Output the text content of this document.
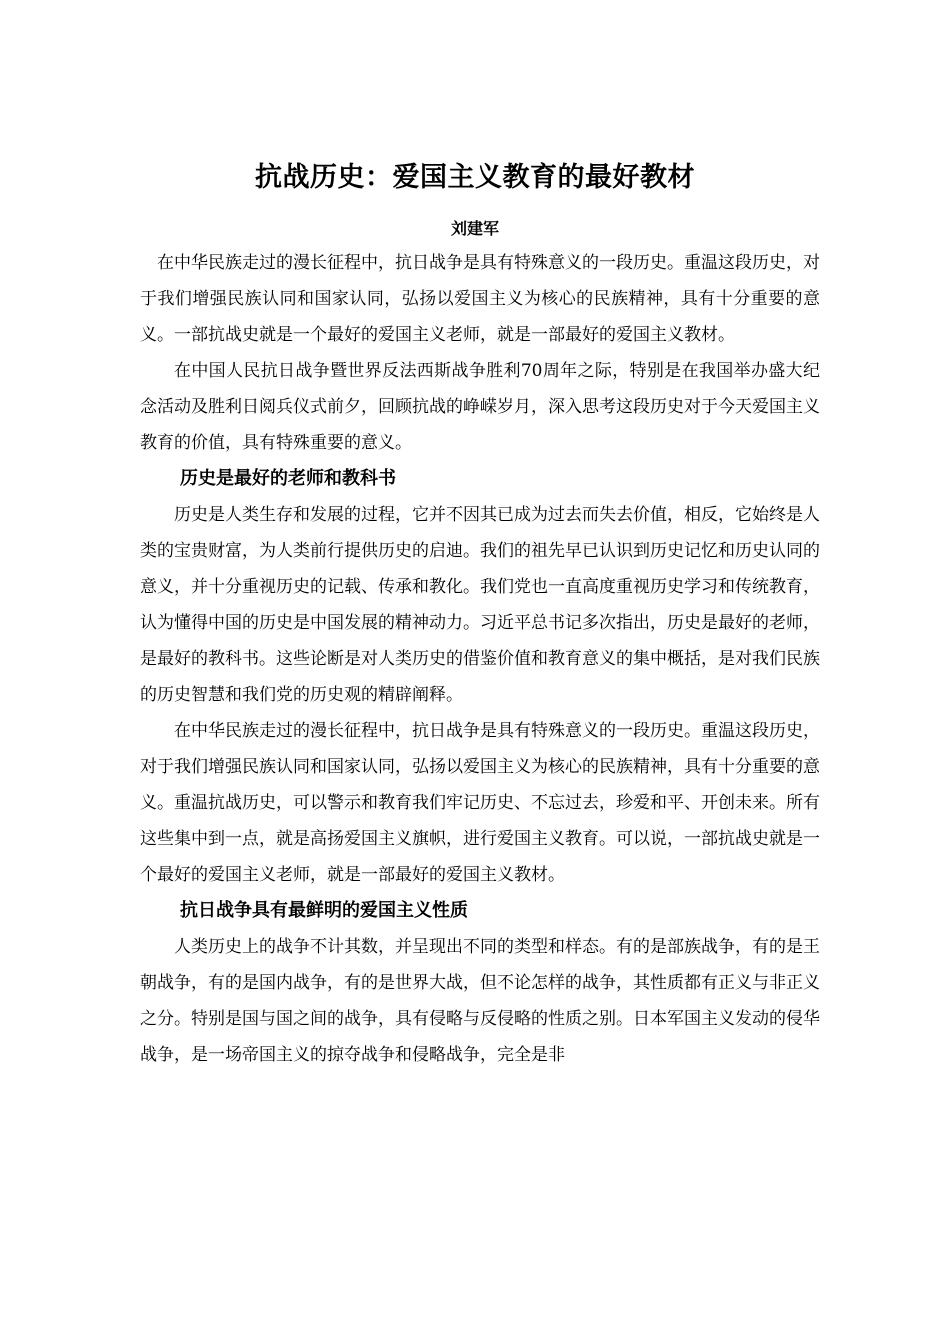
抗战历史：爱国主义教育的最好教材
刘建军

在中华民族走过的漫长征程中，抗日战争是具有特殊意义的一段历史。重温这段历史，对于我们增强民族认同和国家认同，弘扬以爱国主义为核心的民族精神，具有十分重要的意义。一部抗战史就是一个最好的爱国主义老师，就是一部最好的爱国主义教材。

在中国人民抗日战争暨世界反法西斯战争胜利70周年之际，特别是在我国举办盛大纪念活动及胜利日阅兵仪式前夕，回顾抗战的峥嵘岁月，深入思考这段历史对于今天爱国主义教育的价值，具有特殊重要的意义。

历史是最好的老师和教科书

历史是人类生存和发展的过程，它并不因其已成为过去而失去价值，相反，它始终是人类的宝贵财富，为人类前行提供历史的启迪。我们的祖先早已认识到历史记忆和历史认同的意义，并十分重视历史的记载、传承和教化。我们党也一直高度重视历史学习和传统教育，认为懂得中国的历史是中国发展的精神动力。习近平总书记多次指出，历史是最好的老师，是最好的教科书。这些论断是对人类历史的借鉴价值和教育意义的集中概括，是对我们民族的历史智慧和我们党的历史观的精辟阐释。

在中华民族走过的漫长征程中，抗日战争是具有特殊意义的一段历史。重温这段历史，对于我们增强民族认同和国家认同，弘扬以爱国主义为核心的民族精神，具有十分重要的意义。重温抗战历史，可以警示和教育我们牢记历史、不忘过去，珍爱和平、开创未来。所有这些集中到一点，就是高扬爱国主义旗帜，进行爱国主义教育。可以说，一部抗战史就是一个最好的爱国主义老师，就是一部最好的爱国主义教材。

抗日战争具有最鲜明的爱国主义性质

人类历史上的战争不计其数，并呈现出不同的类型和样态。有的是部族战争，有的是王朝战争，有的是国内战争，有的是世界大战，但不论怎样的战争，其性质都有正义与非正义之分。特别是国与国之间的战争，具有侵略与反侵略的性质之别。日本军国主义发动的侵华战争，是一场帝国主义的掠夺战争和侵略战争，完全是非
